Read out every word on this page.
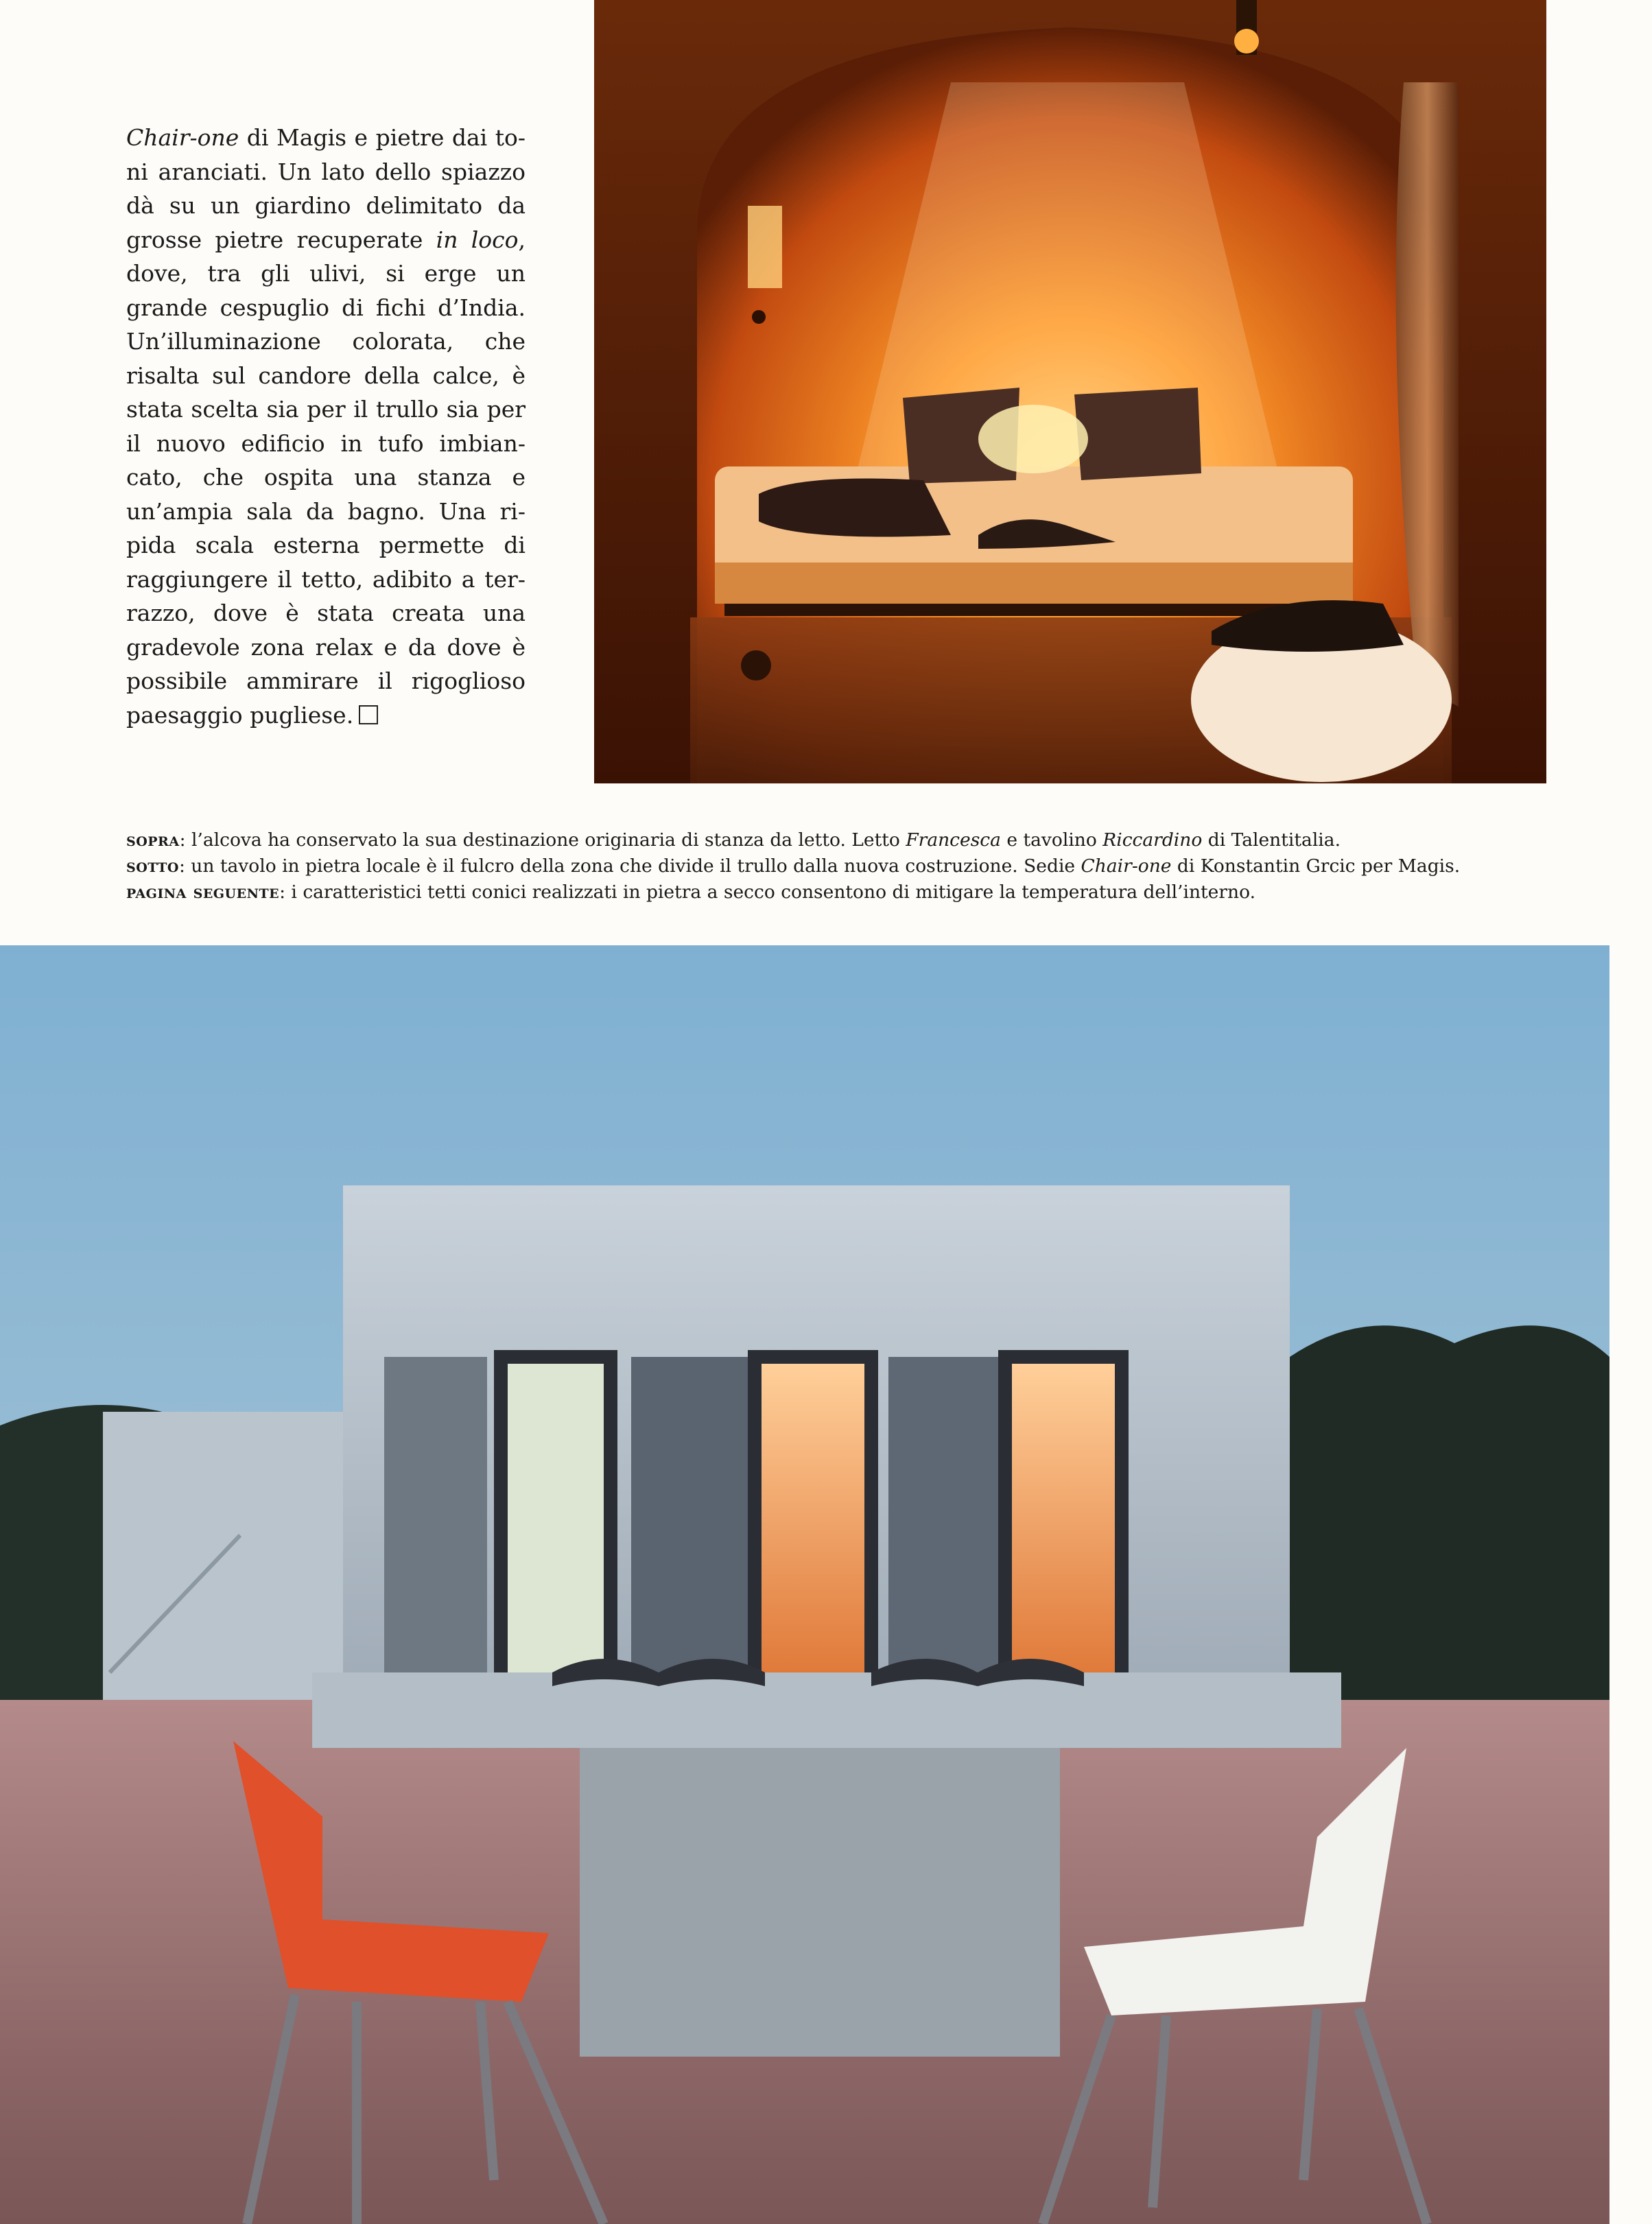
Chair-one di Magis e pietre dai toni aranciati. Un lato dello spiazzo dà su un giardino delimitato da grosse pietre recuperate in loco, dove, tra gli ulivi, si erge un grande cespuglio di fichi d’India. Un’illuminazione colorata, che risalta sul candore della calce, è stata scelta sia per il trullo sia per il nuovo edificio in tufo imbiancato, che ospita una stanza e un’ampia sala da bagno. Una ripida scala esterna permette di raggiungere il tetto, adibito a terrazzo, dove è stata creata una gradevole zona relax e da dove è possibile ammirare il rigoglioso paesaggio pugliese.

sopra: l’alcova ha conservato la sua destinazione originaria di stanza da letto. Letto Francesca e tavolino Riccardino di Talentitalia.
sotto: un tavolo in pietra locale è il fulcro della zona che divide il trullo dalla nuova costruzione. Sedie Chair-one di Konstantin Grcic per Magis.
pagina seguente: i caratteristici tetti conici realizzati in pietra a secco consentono di mitigare la temperatura dell’interno.
